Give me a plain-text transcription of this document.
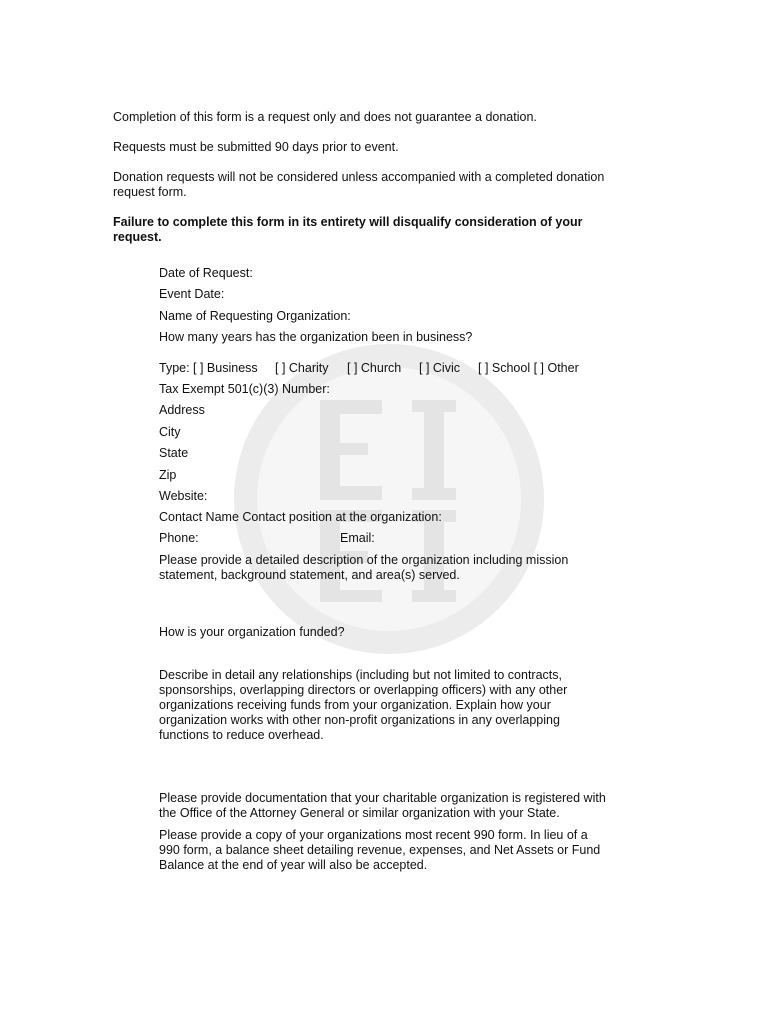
Completion of this form is a request only and does not guarantee a donation.

Requests must be submitted 90 days prior to event.

Donation requests will not be considered unless accompanied with a completed donation

request form.

Failure to complete this form in its entirety will disqualify consideration of your

request.

Date of Request:

Event Date:

Name of Requesting Organization:

How many years has the organization been in business?

Type: [ ] Business [ ] Charity [ ] Church [ ] Civic [ ] School [ ] Other

Tax Exempt 501(c)(3) Number:

Address

City

State

Zip

Website:

Contact Name Contact position at the organization:

Phone:	Email:

Please provide a detailed description of the organization including mission

statement, background statement, and area(s) served.

How is your organization funded?

Describe in detail any relationships (including but not limited to contracts,

sponsorships, overlapping directors or overlapping officers) with any other

organizations receiving funds from your organization. Explain how your

organization works with other non-profit organizations in any overlapping

functions to reduce overhead.

Please provide documentation that your charitable organization is registered with

the Office of the Attorney General or similar organization with your State.

Please provide a copy of your organizations most recent 990 form. In lieu of a

990 form, a balance sheet detailing revenue, expenses, and Net Assets or Fund

Balance at the end of year will also be accepted.
